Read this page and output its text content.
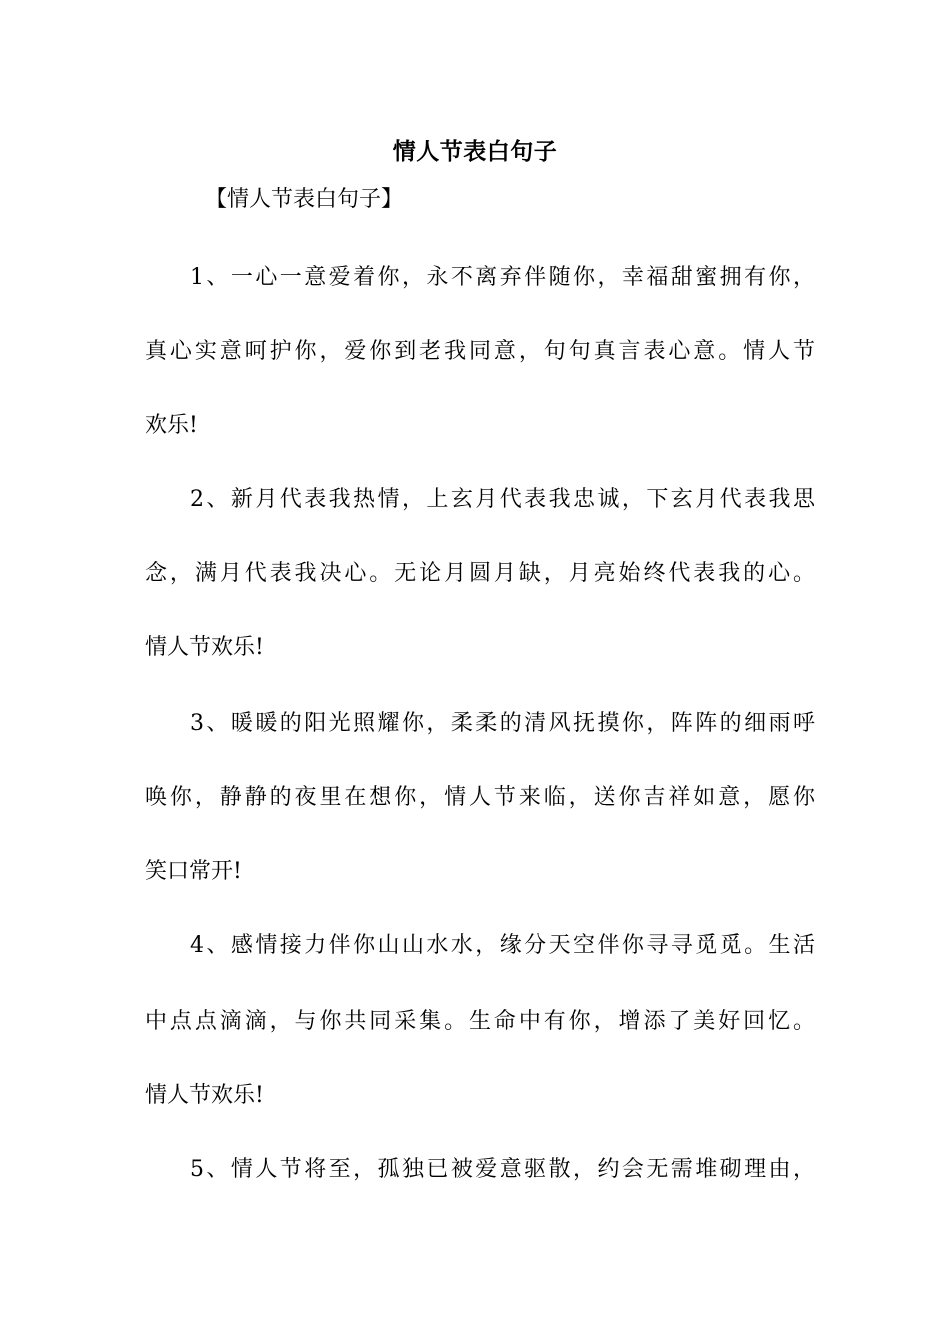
情人节表白句子
【情人节表白句子】
1、一心一意爱着你，永不离弃伴随你，幸福甜蜜拥有你，
真心实意呵护你，爱你到老我同意，句句真言表心意。情人节
欢乐!
2、新月代表我热情，上玄月代表我忠诚，下玄月代表我思
念，满月代表我决心。无论月圆月缺，月亮始终代表我的心。
情人节欢乐!
3、暖暖的阳光照耀你，柔柔的清风抚摸你，阵阵的细雨呼
唤你，静静的夜里在想你，情人节来临，送你吉祥如意，愿你
笑口常开!
4、感情接力伴你山山水水，缘分天空伴你寻寻觅觅。生活
中点点滴滴，与你共同采集。生命中有你，增添了美好回忆。
情人节欢乐!
5、情人节将至，孤独已被爱意驱散，约会无需堆砌理由，
